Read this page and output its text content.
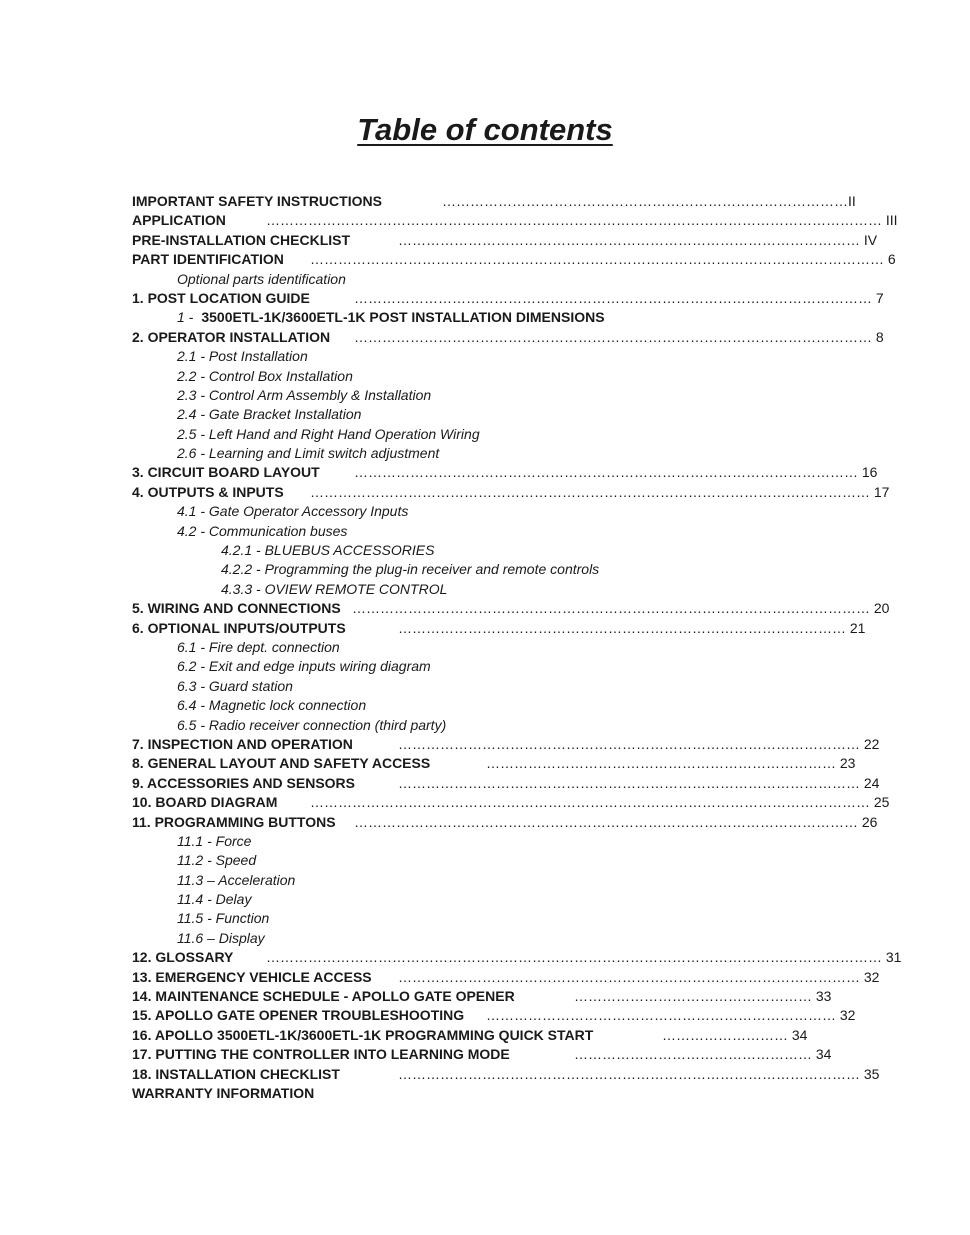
Table of contents
IMPORTANT SAFETY INSTRUCTIONS	……………………………………………………………………………II
APPLICATION	…………………………………………………………………………………………………………………… III
PRE-INSTALLATION CHECKLIST	……………………………………………………………………………………… IV
PART IDENTIFICATION …………………………………………………………………………………………………………… 6
Optional parts identification
1. POST LOCATION GUIDE	………………………………………………………………………………………………… 7
1 - 3500ETL-1K/3600ETL-1K POST INSTALLATION DIMENSIONS
2. OPERATOR INSTALLATION ………………………………………………………………………………………………… 8
2.1 - Post Installation
2.2 - Control Box Installation
2.3 - Control Arm Assembly & Installation
2.4 - Gate Bracket Installation
2.5 - Left Hand and Right Hand Operation Wiring
2.6 - Learning and Limit switch adjustment
3. CIRCUIT BOARD LAYOUT ……………………………………………………………………………………………… 16
4. OUTPUTS & INPUTS ………………………………………………………………………………………………………… 17
4.1 - Gate Operator Accessory Inputs
4.2 - Communication buses
4.2.1 - BLUEBUS ACCESSORIES
4.2.2 - Programming the plug-in receiver and remote controls
4.3.3 - OVIEW REMOTE CONTROL
5. WIRING AND CONNECTIONS ………………………………………………………………………………………………… 20
6. OPTIONAL INPUTS/OUTPUTS	…………………………………………………………………………………… 21
6.1 - Fire dept. connection
6.2 - Exit and edge inputs wiring diagram
6.3 - Guard station
6.4 - Magnetic lock connection
6.5 - Radio receiver connection (third party)
7. INSPECTION AND OPERATION	……………………………………………………………………………………… 22
8. GENERAL LAYOUT AND SAFETY ACCESS	………………………………………………………………… 23
9. ACCESSORIES AND SENSORS	……………………………………………………………………………………… 24
10. BOARD DIAGRAM ………………………………………………………………………………………………………… 25
11. PROGRAMMING BUTTONS ……………………………………………………………………………………………… 26
11.1 - Force
11.2 - Speed
11.3 – Acceleration
11.4 - Delay
11.5 - Function
11.6 – Display
12. GLOSSARY …………………………………………………………………………………………………………………… 31
13. EMERGENCY VEHICLE ACCESS ……………………………………………………………………………………… 32
14. MAINTENANCE SCHEDULE - APOLLO GATE OPENER	…………………………………………… 33
15. APOLLO GATE OPENER TROUBLESHOOTING ………………………………………………………………… 32
16. APOLLO 3500ETL-1K/3600ETL-1K PROGRAMMING QUICK START	……………………… 34
17. PUTTING THE CONTROLLER INTO LEARNING MODE	…………………………………………… 34
18. INSTALLATION CHECKLIST	……………………………………………………………………………………… 35
WARRANTY INFORMATION
